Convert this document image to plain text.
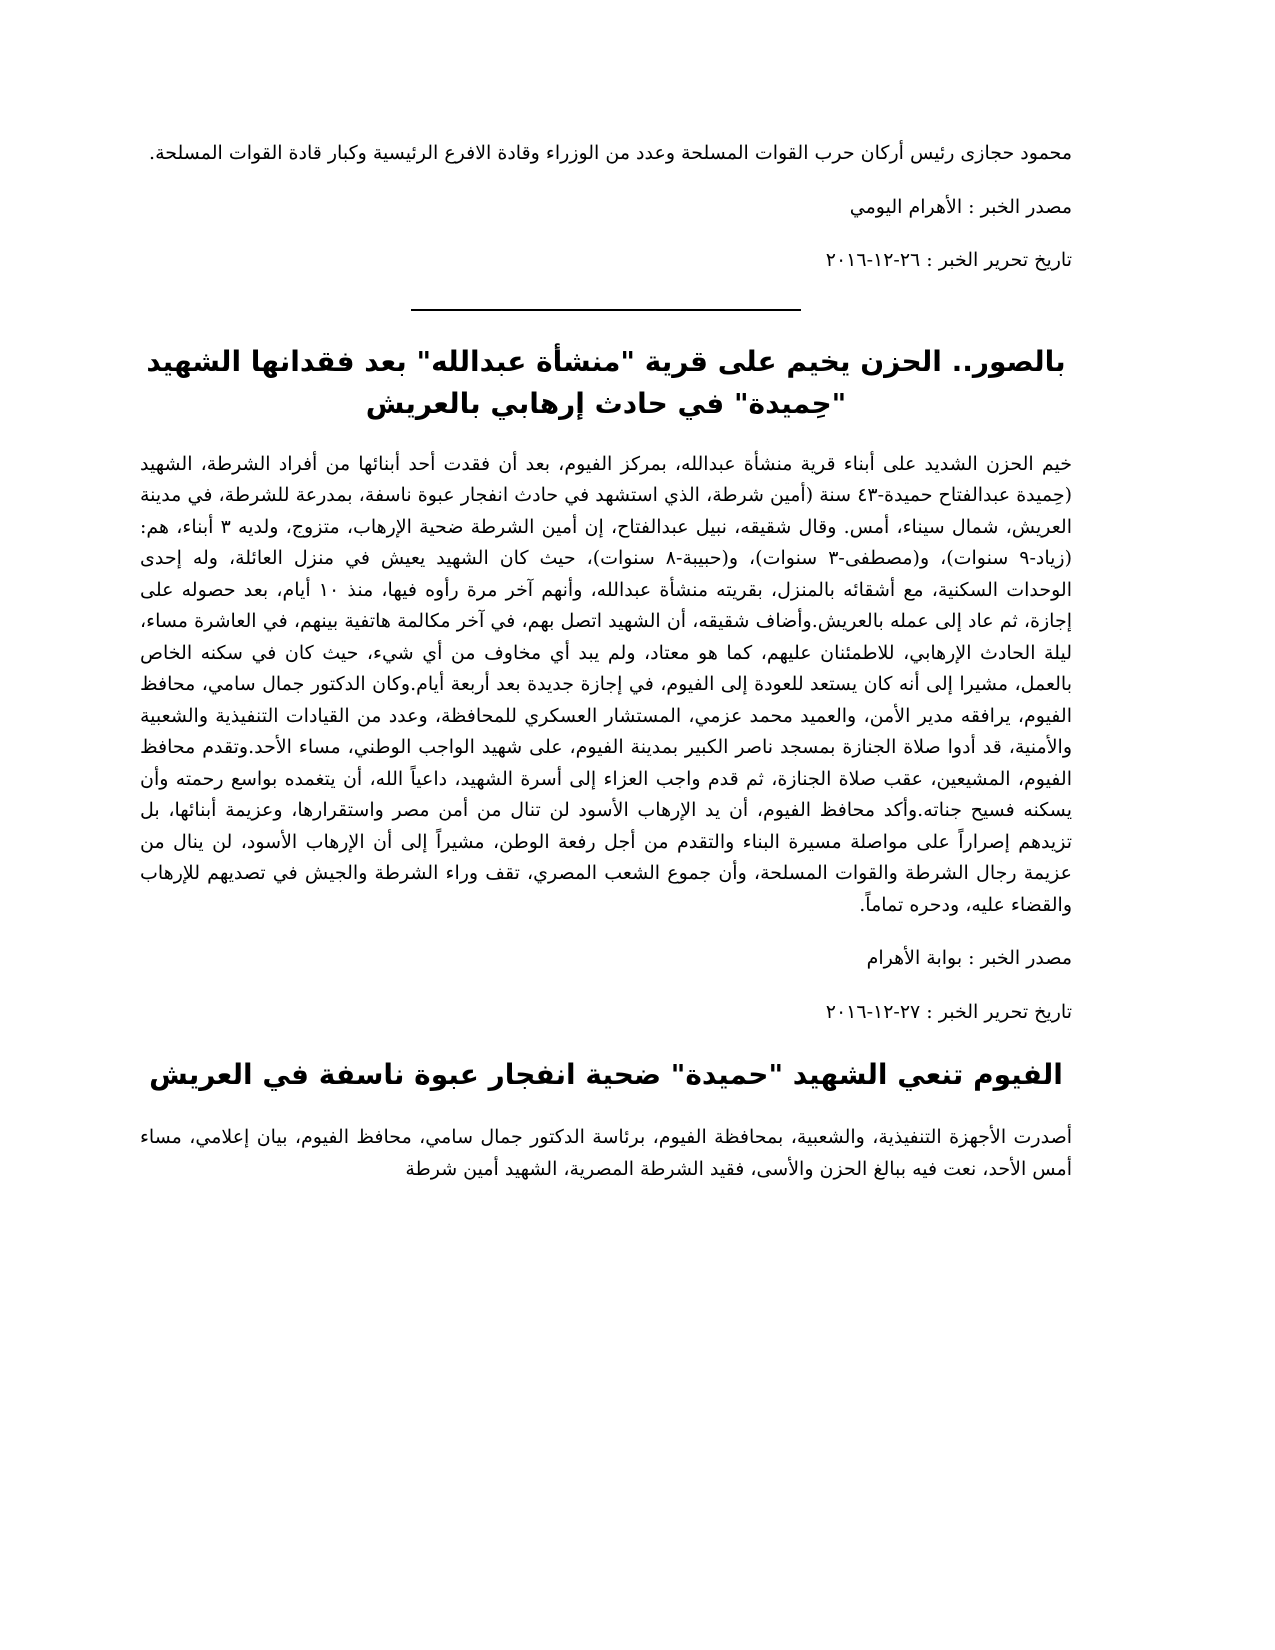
محمود حجازى رئيس أركان حرب القوات المسلحة وعدد من الوزراء وقادة الافرع الرئيسية وكبار قادة القوات المسلحة.

مصدر الخبر : الأهرام اليومي

تاريخ تحرير الخبر : ٢٦-١٢-٢٠١٦

بالصور.. الحزن يخيم على قرية "منشأة عبدالله" بعد فقدانها الشهيد "حِميدة" في حادث إرهابي بالعريش

خيم الحزن الشديد على أبناء قرية منشأة عبدالله، بمركز الفيوم، بعد أن فقدت أحد أبنائها من أفراد الشرطة، الشهيد (حِميدة عبدالفتاح حميدة-٤٣ سنة (أمين شرطة، الذي استشهد في حادث انفجار عبوة ناسفة، بمدرعة للشرطة، في مدينة العريش، شمال سيناء، أمس. وقال شقيقه، نبيل عبدالفتاح، إن أمين الشرطة ضحية الإرهاب، متزوج، ولديه ٣ أبناء، هم: (زياد-٩ سنوات)، و(مصطفى-٣ سنوات)، و(حبيبة-٨ سنوات)، حيث كان الشهيد يعيش في منزل العائلة، وله إحدى الوحدات السكنية، مع أشقائه بالمنزل، بقريته منشأة عبدالله، وأنهم آخر مرة رأوه فيها، منذ ١٠ أيام، بعد حصوله على إجازة، ثم عاد إلى عمله بالعريش.وأضاف شقيقه، أن الشهيد اتصل بهم، في آخر مكالمة هاتفية بينهم، في العاشرة مساء، ليلة الحادث الإرهابي، للاطمئنان عليهم، كما هو معتاد، ولم يبد أي مخاوف من أي شيء، حيث كان في سكنه الخاص بالعمل، مشيرا إلى أنه كان يستعد للعودة إلى الفيوم، في إجازة جديدة بعد أربعة أيام.وكان الدكتور جمال سامي، محافظ الفيوم، يرافقه مدير الأمن، والعميد محمد عزمي، المستشار العسكري للمحافظة، وعدد من القيادات التنفيذية والشعبية والأمنية، قد أدوا صلاة الجنازة بمسجد ناصر الكبير بمدينة الفيوم، على شهيد الواجب الوطني، مساء الأحد.وتقدم محافظ الفيوم، المشيعين، عقب صلاة الجنازة، ثم قدم واجب العزاء إلى أسرة الشهيد، داعياً الله، أن يتغمده بواسع رحمته وأن يسكنه فسيح جناته.وأكد محافظ الفيوم، أن يد الإرهاب الأسود لن تنال من أمن مصر واستقرارها، وعزيمة أبنائها، بل تزيدهم إصراراً على مواصلة مسيرة البناء والتقدم من أجل رفعة الوطن، مشيراً إلى أن الإرهاب الأسود، لن ينال من عزيمة رجال الشرطة والقوات المسلحة، وأن جموع الشعب المصري، تقف وراء الشرطة والجيش في تصديهم للإرهاب والقضاء عليه، ودحره تماماً.

مصدر الخبر : بوابة الأهرام

تاريخ تحرير الخبر : ٢٧-١٢-٢٠١٦

الفيوم تنعي الشهيد "حميدة" ضحية انفجار عبوة ناسفة في العريش

أصدرت الأجهزة التنفيذية، والشعبية، بمحافظة الفيوم، برئاسة الدكتور جمال سامي، محافظ الفيوم، بيان إعلامي، مساء أمس الأحد، نعت فيه ببالغ الحزن والأسى، فقيد الشرطة المصرية، الشهيد أمين شرطة
